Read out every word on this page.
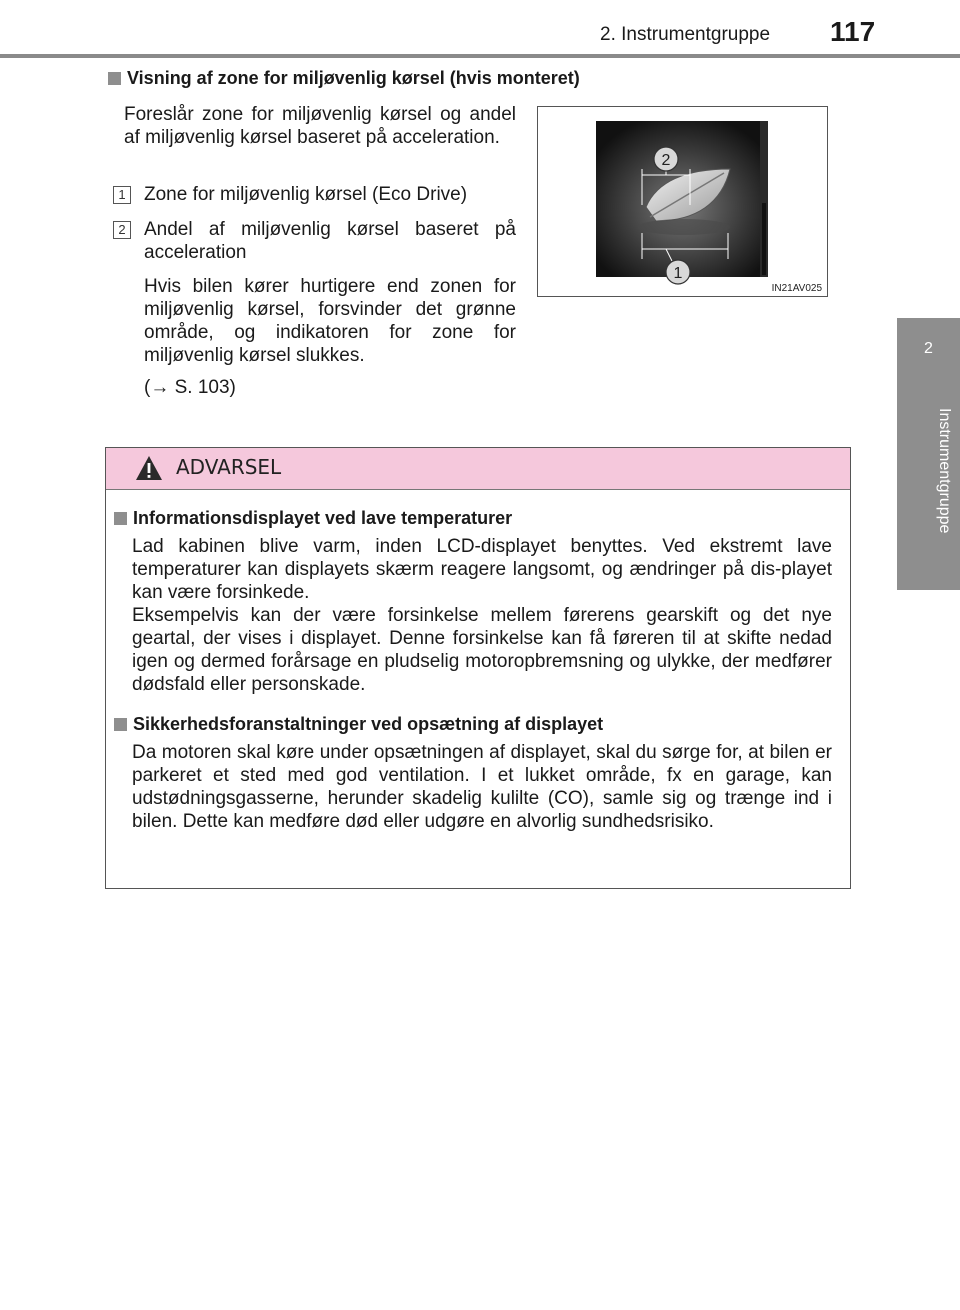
2. Instrumentgruppe 117
2
Instrumentgruppe
Visning af zone for miljøvenlig kørsel (hvis monteret)
Foreslår zone for miljøvenlig kørsel og andel af miljøvenlig kørsel baseret på acceleration.
1 Zone for miljøvenlig kørsel (Eco Drive)
2 Andel af miljøvenlig kørsel baseret på acceleration
Hvis bilen kører hurtigere end zonen for miljøvenlig kørsel, forsvinder det grønne område, og indikatoren for zone for miljøvenlig kørsel slukkes.
(→ S. 103)
2
1
IN21AV025
ADVARSEL
Informationsdisplayet ved lave temperaturer
Lad kabinen blive varm, inden LCD-displayet benyttes. Ved ekstremt lave temperaturer kan displayets skærm reagere langsomt, og ændringer på dis-playet kan være forsinkede.
Eksempelvis kan der være forsinkelse mellem førerens gearskift og det nye geartal, der vises i displayet. Denne forsinkelse kan få føreren til at skifte nedad igen og dermed forårsage en pludselig motoropbremsning og ulykke, der medfører dødsfald eller personskade.
Sikkerhedsforanstaltninger ved opsætning af displayet
Da motoren skal køre under opsætningen af displayet, skal du sørge for, at bilen er parkeret et sted med god ventilation. I et lukket område, fx en garage, kan udstødningsgasserne, herunder skadelig kulilte (CO), samle sig og trænge ind i bilen. Dette kan medføre død eller udgøre en alvorlig sundhedsrisiko.
